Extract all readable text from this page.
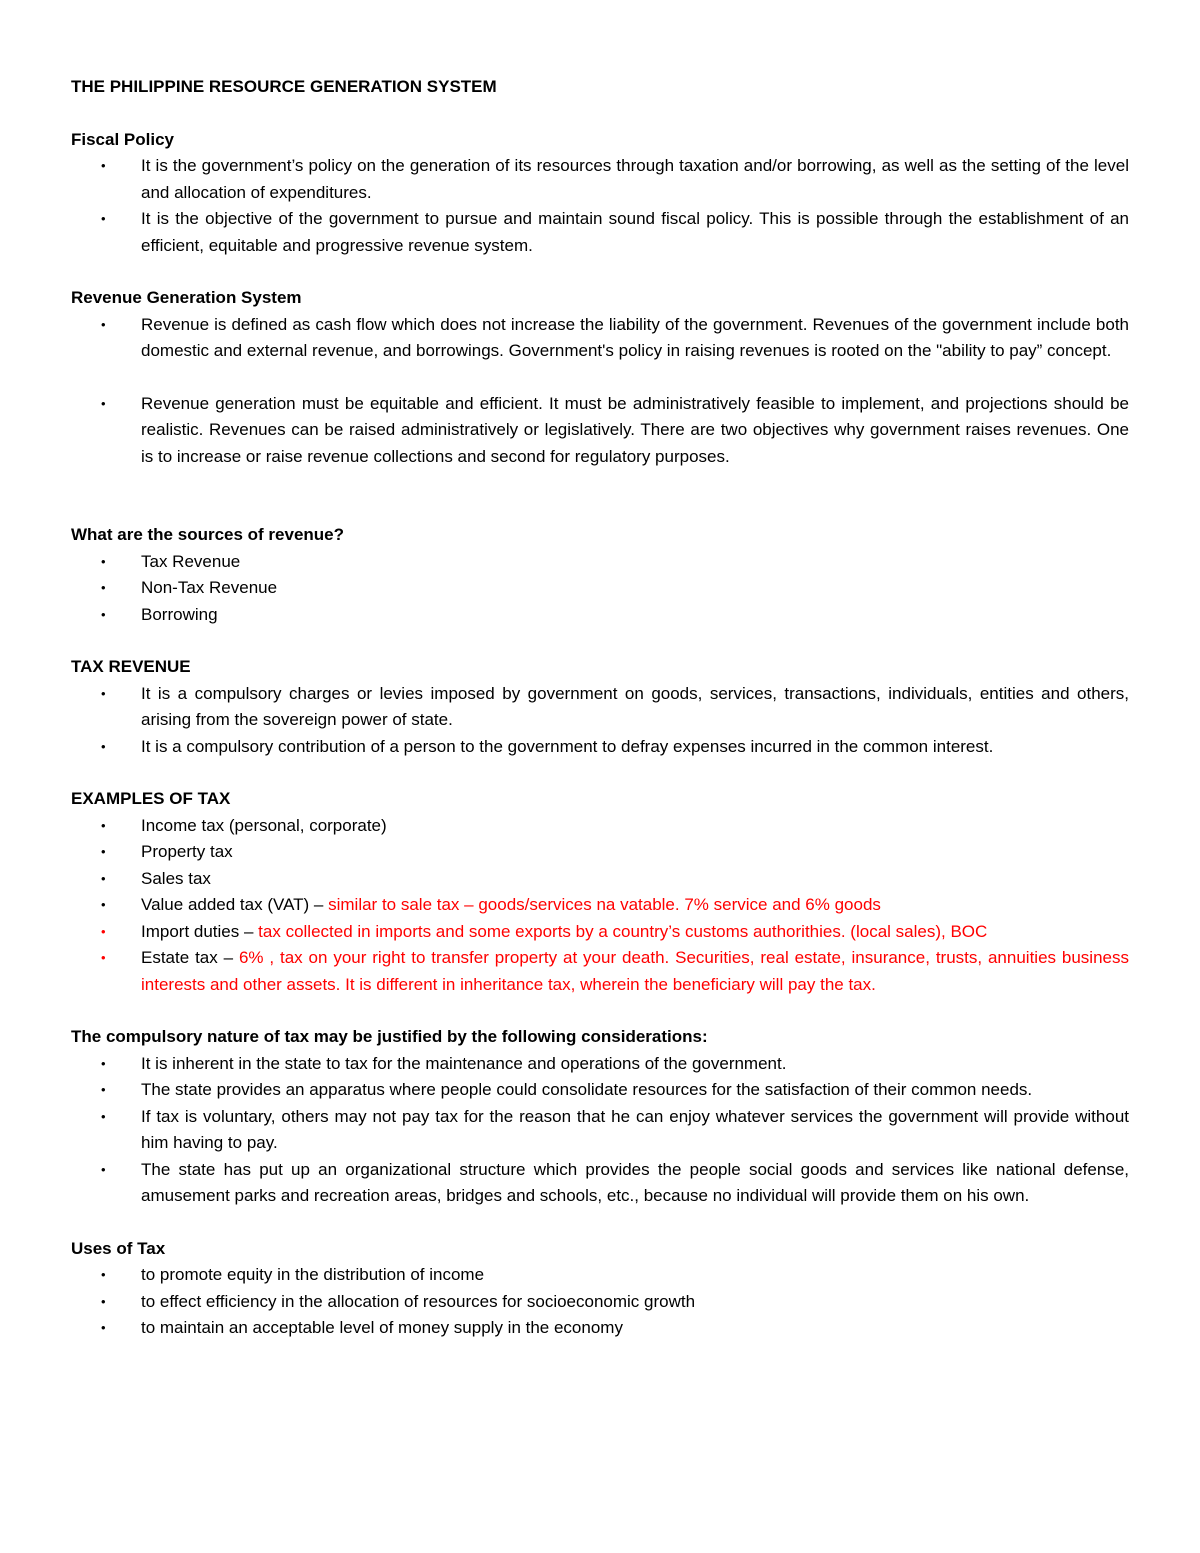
THE PHILIPPINE RESOURCE GENERATION SYSTEM

Fiscal Policy

• It is the government’s policy on the generation of its resources through taxation and/or borrowing, as well as the setting of the level and allocation of expenditures.
• It is the objective of the government to pursue and maintain sound fiscal policy. This is possible through the establishment of an efficient, equitable and progressive revenue system.

Revenue Generation System

• Revenue is defined as cash flow which does not increase the liability of the government. Revenues of the government include both domestic and external revenue, and borrowings. Government's policy in raising revenues is rooted on the "ability to pay” concept.
• Revenue generation must be equitable and efficient. It must be administratively feasible to implement, and projections should be realistic. Revenues can be raised administratively or legislatively. There are two objectives why government raises revenues. One is to increase or raise revenue collections and second for regulatory purposes.

What are the sources of revenue?

• Tax Revenue
• Non-Tax Revenue
• Borrowing

TAX REVENUE

• It is a compulsory charges or levies imposed by government on goods, services, transactions, individuals, entities and others, arising from the sovereign power of state.
• It is a compulsory contribution of a person to the government to defray expenses incurred in the common interest.

EXAMPLES OF TAX

• Income tax (personal, corporate)
• Property tax
• Sales tax
• Value added tax (VAT) – similar to sale tax – goods/services na vatable. 7% service and 6% goods
• Import duties – tax collected in imports and some exports by a country’s customs authorithies. (local sales), BOC
• Estate tax – 6% , tax on your right to transfer property at your death. Securities, real estate, insurance, trusts, annuities business interests and other assets. It is different in inheritance tax, wherein the beneficiary will pay the tax.

The compulsory nature of tax may be justified by the following considerations:

• It is inherent in the state to tax for the maintenance and operations of the government.
• The state provides an apparatus where people could consolidate resources for the satisfaction of their common needs.
• If tax is voluntary, others may not pay tax for the reason that he can enjoy whatever services the government will provide without him having to pay.
• The state has put up an organizational structure which provides the people social goods and services like national defense, amusement parks and recreation areas, bridges and schools, etc., because no individual will provide them on his own.

Uses of Tax

• to promote equity in the distribution of income
• to effect efficiency in the allocation of resources for socioeconomic growth
• to maintain an acceptable level of money supply in the economy
